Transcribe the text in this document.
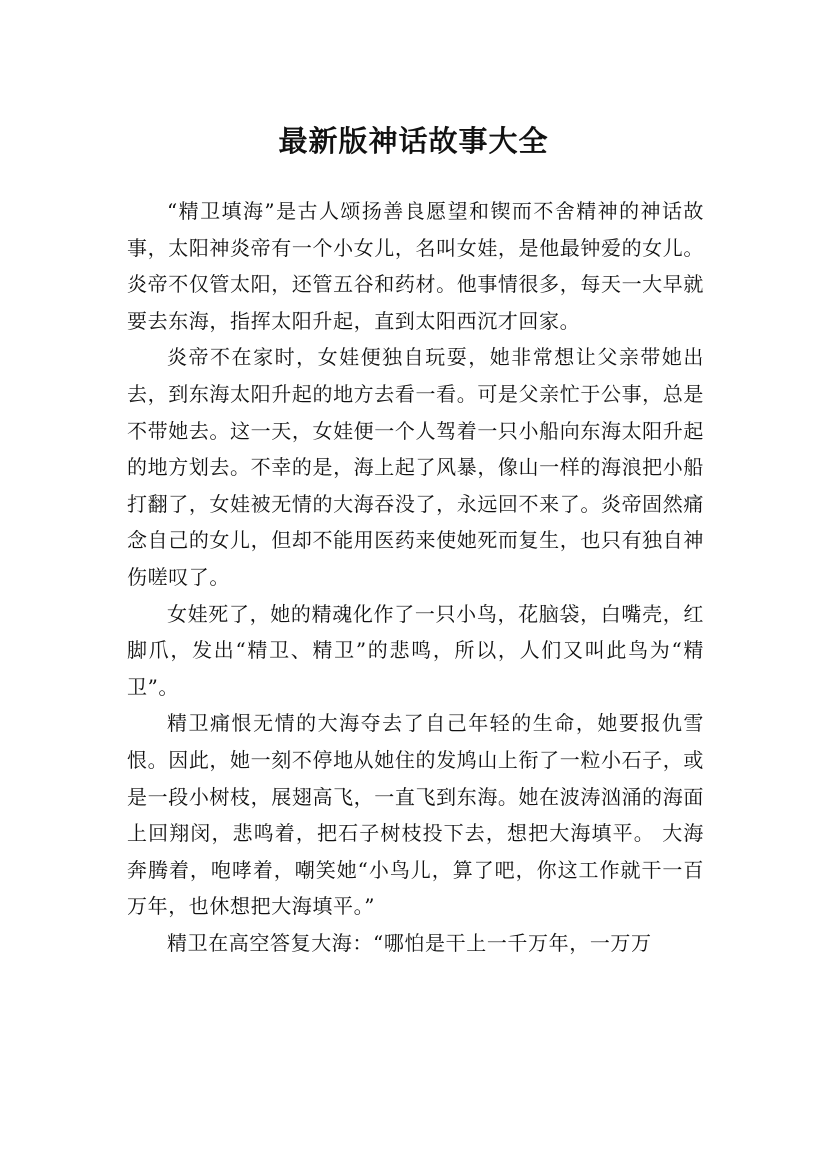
最新版神话故事大全

“精卫填海”是古人颂扬善良愿望和锲而不舍精神的神话故事，太阳神炎帝有一个小女儿，名叫女娃，是他最钟爱的女儿。炎帝不仅管太阳，还管五谷和药材。他事情很多，每天一大早就要去东海，指挥太阳升起，直到太阳西沉才回家。

炎帝不在家时，女娃便独自玩耍，她非常想让父亲带她出去，到东海太阳升起的地方去看一看。可是父亲忙于公事，总是不带她去。这一天，女娃便一个人驾着一只小船向东海太阳升起的地方划去。不幸的是，海上起了风暴，像山一样的海浪把小船打翻了，女娃被无情的大海吞没了，永远回不来了。炎帝固然痛念自己的女儿，但却不能用医药来使她死而复生，也只有独自神伤嗟叹了。

女娃死了，她的精魂化作了一只小鸟，花脑袋，白嘴壳，红脚爪，发出“精卫、精卫”的悲鸣，所以，人们又叫此鸟为“精卫”。

精卫痛恨无情的大海夺去了自己年轻的生命，她要报仇雪恨。因此，她一刻不停地从她住的发鸠山上衔了一粒小石子，或是一段小树枝，展翅高飞，一直飞到东海。她在波涛汹涌的海面上回翔闵，悲鸣着，把石子树枝投下去，想把大海填平。 大海奔腾着，咆哮着，嘲笑她“小鸟儿，算了吧，你这工作就干一百万年，也休想把大海填平。”

精卫在高空答复大海：“哪怕是干上一千万年，一万万
